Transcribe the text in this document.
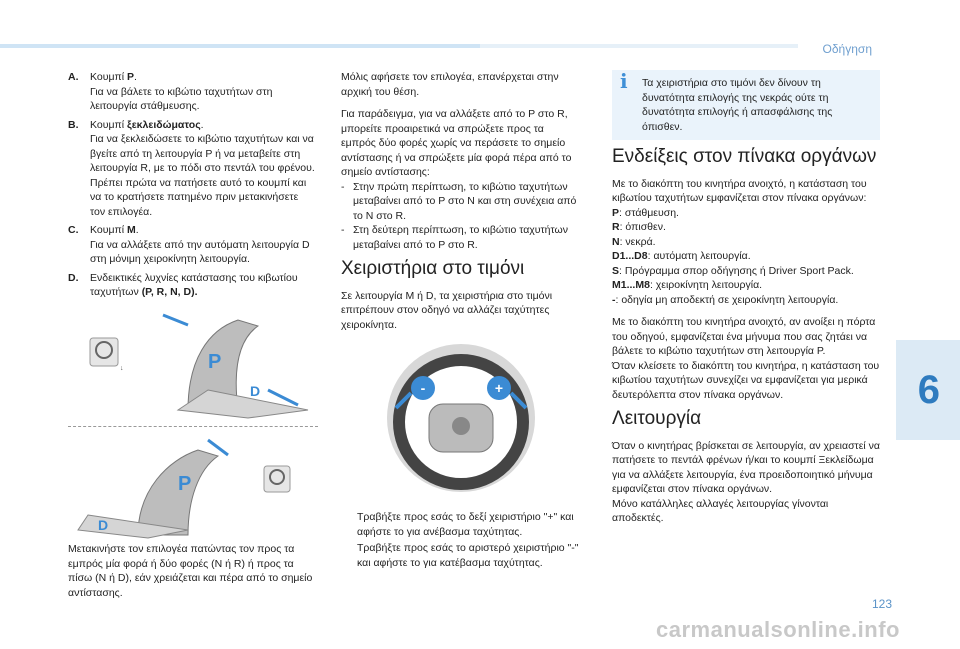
Οδήγηση
6
123
carmanualsonline.info
A.	Κουμπί P.
Για να βάλετε το κιβώτιο ταχυτήτων στη λειτουργία στάθμευσης.
B.	Κουμπί ξεκλειδώματος.
Για να ξεκλειδώσετε το κιβώτιο ταχυτήτων και να βγείτε από τη λειτουργία P ή να μεταβείτε στη λειτουργία R, με το πόδι στο πεντάλ του φρένου. Πρέπει πρώτα να πατήσετε αυτό το κουμπί και να το κρατήσετε πατημένο πριν μετακινήσετε τον επιλογέα.
C.	Κουμπί M.
Για να αλλάξετε από την αυτόματη λειτουργία D στη μόνιμη χειροκίνητη λειτουργία.
D.	Ενδεικτικές λυχνίες κατάστασης του κιβωτίου ταχυτήτων (P, R, N, D).
↓	P
D
P
D
Μετακινήστε τον επιλογέα πατώντας τον προς τα εμπρός μία φορά ή δύο φορές (N ή R) ή προς τα πίσω (N ή D), εάν χρειάζεται και πέρα από το σημείο αντίστασης.
Μόλις αφήσετε τον επιλογέα, επανέρχεται στην αρχική του θέση.
Για παράδειγμα, για να αλλάξετε από το P στο R, μπορείτε προαιρετικά να σπρώξετε προς τα εμπρός δύο φορές χωρίς να περάσετε το σημείο αντίστασης ή να σπρώξετε μία φορά πέρα από το σημείο αντίστασης:
- Στην πρώτη περίπτωση, το κιβώτιο ταχυτήτων μεταβαίνει από το P στο N και στη συνέχεια από το N στο R.
- Στη δεύτερη περίπτωση, το κιβώτιο ταχυτήτων μεταβαίνει από το P στο R.
Χειριστήρια στο τιμόνι
Σε λειτουργία M ή D, τα χειριστήρια στο τιμόνι επιτρέπουν στον οδηγό να αλλάζει ταχύτητες χειροκίνητα.
-	+
Τραβήξτε προς εσάς το δεξί χειριστήριο "+" και αφήστε το για ανέβασμα ταχύτητας.
Τραβήξτε προς εσάς το αριστερό χειριστήριο "-" και αφήστε το για κατέβασμα ταχύτητας.
i Τα χειριστήρια στο τιμόνι δεν δίνουν τη δυνατότητα επιλογής της νεκράς ούτε τη δυνατότητα επιλογής ή απασφάλισης της όπισθεν.
Ενδείξεις στον πίνακα οργάνων
Με το διακόπτη του κινητήρα ανοιχτό, η κατάσταση του κιβωτίου ταχυτήτων εμφανίζεται στον πίνακα οργάνων:
P: στάθμευση.
R: όπισθεν.
N: νεκρά.
D1...D8: αυτόματη λειτουργία.
S: Πρόγραμμα σπορ οδήγησης ή Driver Sport Pack.
M1...M8: χειροκίνητη λειτουργία.
-: οδηγία μη αποδεκτή σε χειροκίνητη λειτουργία.
Με το διακόπτη του κινητήρα ανοιχτό, αν ανοίξει η πόρτα του οδηγού, εμφανίζεται ένα μήνυμα που σας ζητάει να βάλετε το κιβώτιο ταχυτήτων στη λειτουργία P.
Όταν κλείσετε το διακόπτη του κινητήρα, η κατάσταση του κιβωτίου ταχυτήτων συνεχίζει να εμφανίζεται για μερικά δευτερόλεπτα στον πίνακα οργάνων.
Λειτουργία
Όταν ο κινητήρας βρίσκεται σε λειτουργία, αν χρειαστεί να πατήσετε το πεντάλ φρένων ή/και το κουμπί Ξεκλείδωμα για να αλλάξετε λειτουργία, ένα προειδοποιητικό μήνυμα εμφανίζεται στον πίνακα οργάνων.
Μόνο κατάλληλες αλλαγές λειτουργίας γίνονται αποδεκτές.
